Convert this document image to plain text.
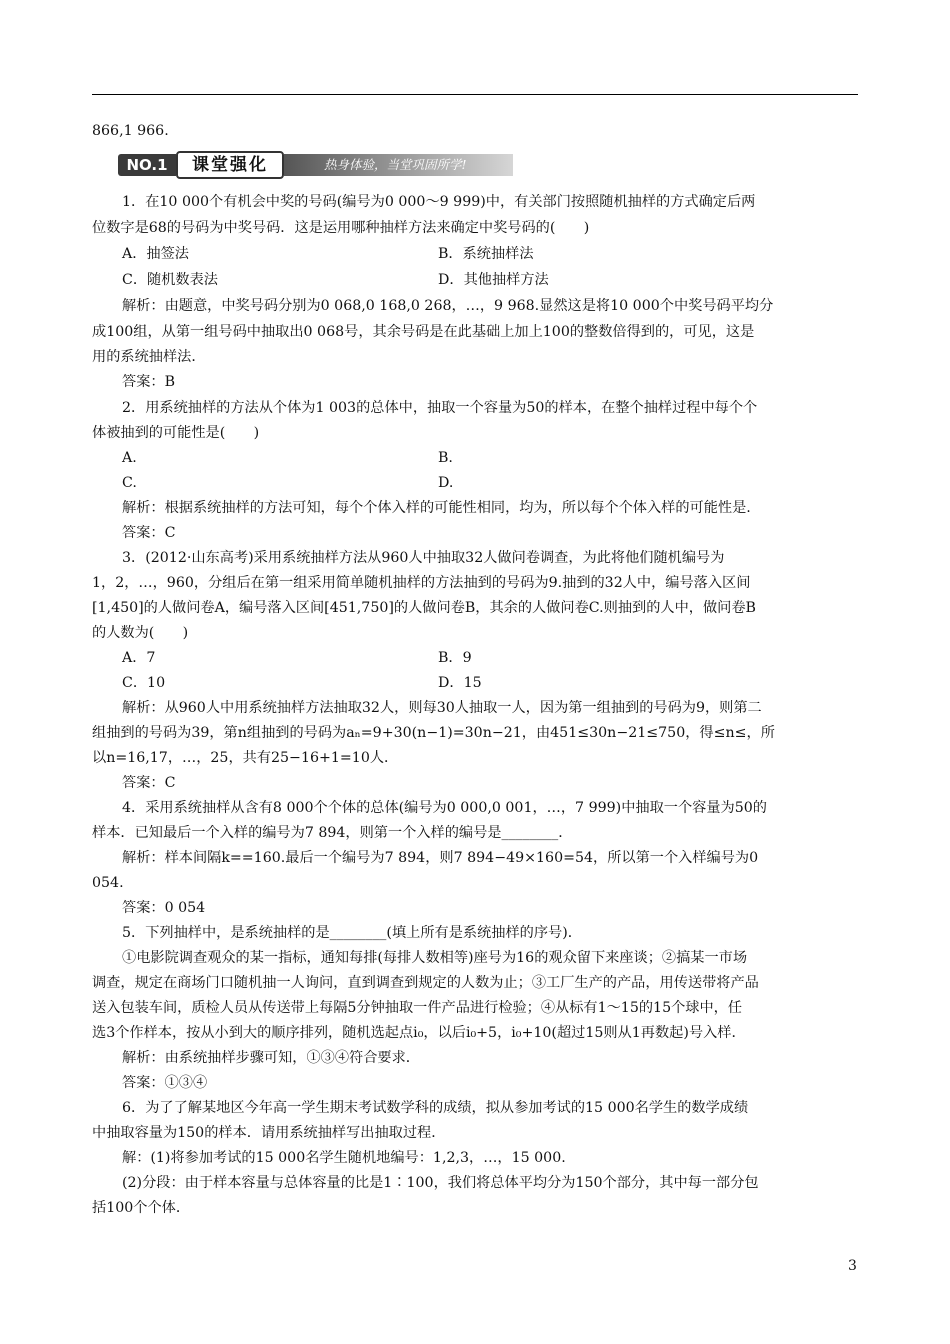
866,1 966.
NO.1	课堂强化	热身体验，当堂巩固所学!
1．在10 000个有机会中奖的号码(编号为0 000～9 999)中，有关部门按照随机抽样的方式确定后两
位数字是68的号码为中奖号码．这是运用哪种抽样方法来确定中奖号码的(　　)
A．抽签法	B．系统抽样法
C．随机数表法	D．其他抽样方法
解析：由题意，中奖号码分别为0 068,0 168,0 268，…，9 968.显然这是将10 000个中奖号码平均分
成100组，从第一组号码中抽取出0 068号，其余号码是在此基础上加上100的整数倍得到的，可见，这是
用的系统抽样法．
答案：B
2．用系统抽样的方法从个体为1 003的总体中，抽取一个容量为50的样本，在整个抽样过程中每个个
体被抽到的可能性是(　　)
A.	B.
C.	D.
解析：根据系统抽样的方法可知，每个个体入样的可能性相同，均为，所以每个个体入样的可能性是.
答案：C
3．(2012·山东高考)采用系统抽样方法从960人中抽取32人做问卷调查，为此将他们随机编号为
1，2，…，960，分组后在第一组采用简单随机抽样的方法抽到的号码为9.抽到的32人中，编号落入区间
[1,450]的人做问卷A，编号落入区间[451,750]的人做问卷B，其余的人做问卷C.则抽到的人中，做问卷B
的人数为(　　)
A．7	B．9
C．10	D．15
解析：从960人中用系统抽样方法抽取32人，则每30人抽取一人，因为第一组抽到的号码为9，则第二
组抽到的号码为39，第n组抽到的号码为aₙ=9+30(n−1)=30n−21，由451≤30n−21≤750，得≤n≤，所
以n=16,17，…，25，共有25−16+1=10人．
答案：C
4．采用系统抽样从含有8 000个个体的总体(编号为0 000,0 001，…，7 999)中抽取一个容量为50的
样本．已知最后一个入样的编号为7 894，则第一个入样的编号是________．
解析：样本间隔k==160.最后一个编号为7 894，则7 894−49×160=54，所以第一个入样编号为0
054.
答案：0 054
5．下列抽样中，是系统抽样的是________(填上所有是系统抽样的序号)．
①电影院调查观众的某一指标，通知每排(每排人数相等)座号为16的观众留下来座谈；②搞某一市场
调查，规定在商场门口随机抽一人询问，直到调查到规定的人数为止；③工厂生产的产品，用传送带将产品
送入包装车间，质检人员从传送带上每隔5分钟抽取一件产品进行检验；④从标有1～15的15个球中，任
选3个作样本，按从小到大的顺序排列，随机选起点i₀，以后i₀+5，i₀+10(超过15则从1再数起)号入样．
解析：由系统抽样步骤可知，①③④符合要求．
答案：①③④
6．为了了解某地区今年高一学生期末考试数学科的成绩，拟从参加考试的15 000名学生的数学成绩
中抽取容量为150的样本．请用系统抽样写出抽取过程．
解：(1)将参加考试的15 000名学生随机地编号：1,2,3，…，15 000.
(2)分段：由于样本容量与总体容量的比是1∶100，我们将总体平均分为150个部分，其中每一部分包
括100个个体．
3
